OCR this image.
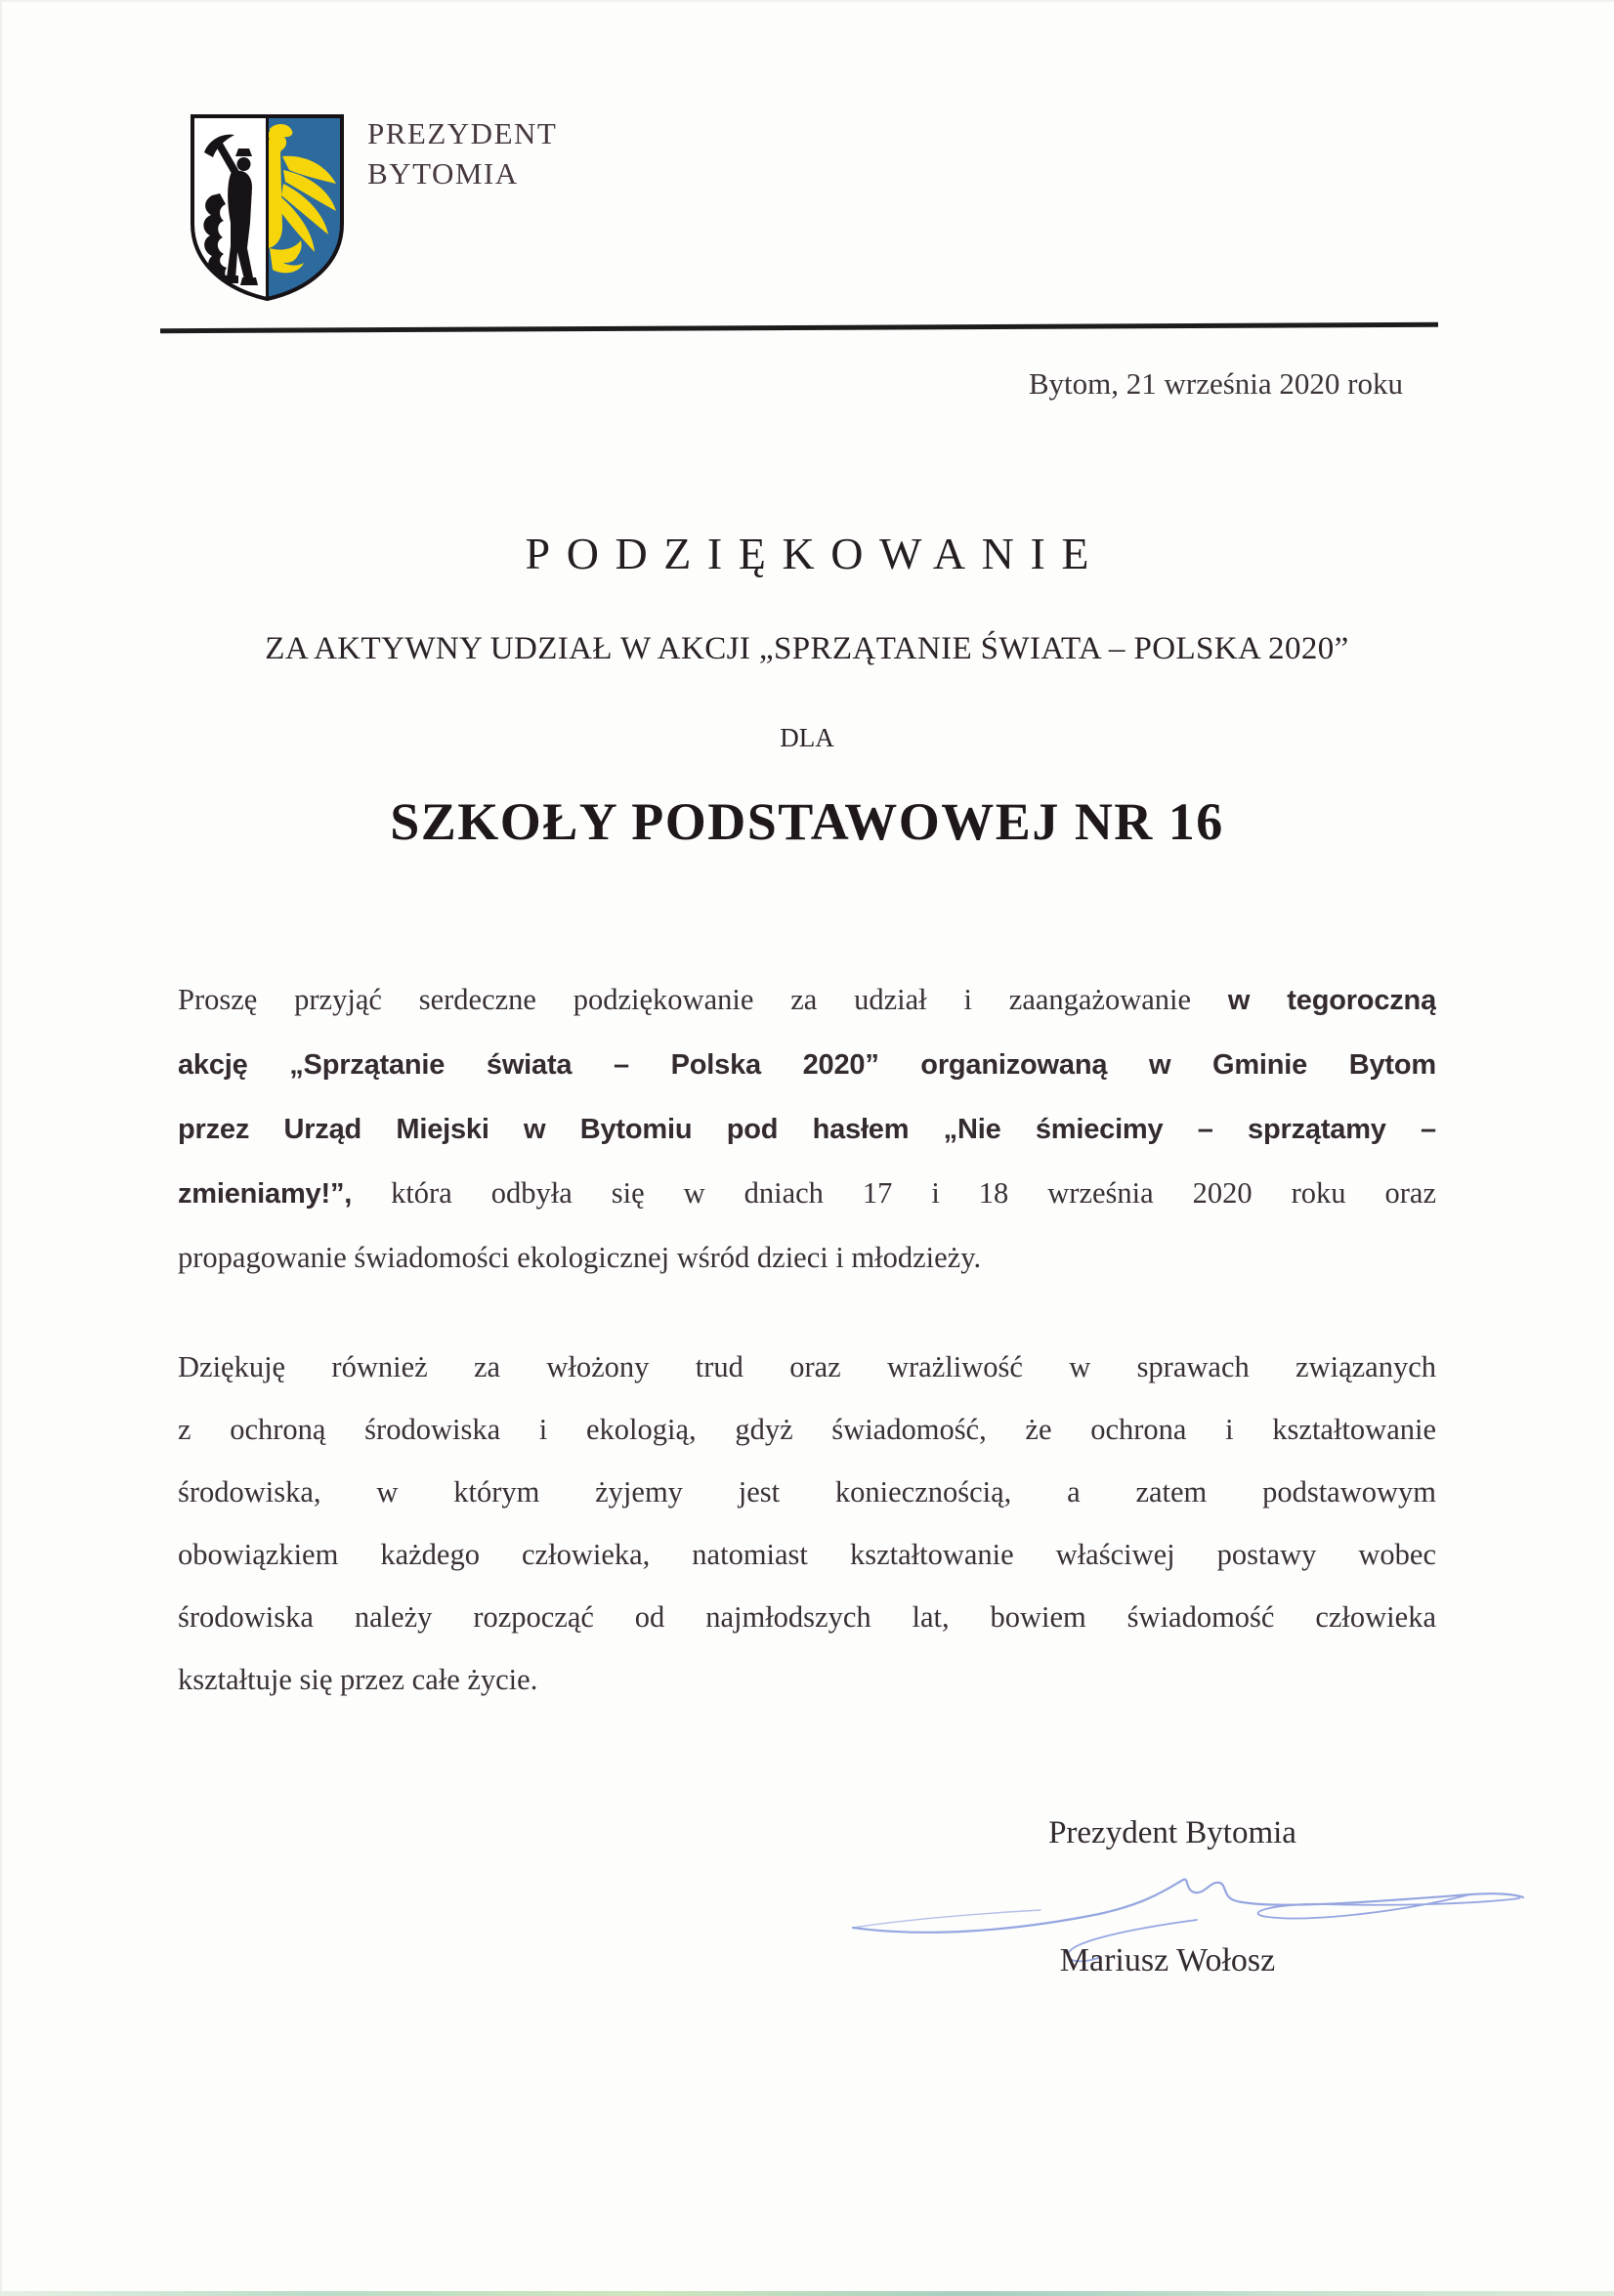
PREZYDENT
BYTOMIA
Bytom, 21 września 2020 roku
PODZIĘKOWANIE
ZA AKTYWNY UDZIAŁ W AKCJI „SPRZĄTANIE ŚWIATA – POLSKA 2020”
DLA
SZKOŁY PODSTAWOWEJ NR 16
Proszę przyjąć serdeczne podziękowanie za udział i zaangażowanie w tegoroczną
akcję „Sprzątanie świata – Polska 2020” organizowaną w Gminie Bytom
przez Urząd Miejski w Bytomiu pod hasłem „Nie śmiecimy – sprzątamy –
zmieniamy!”, która odbyła się w dniach 17 i 18 września 2020 roku oraz
propagowanie świadomości ekologicznej wśród dzieci i młodzieży.
Dziękuję również za włożony trud oraz wrażliwość w sprawach związanych
z ochroną środowiska i ekologią, gdyż świadomość, że ochrona i kształtowanie
środowiska, w którym żyjemy jest koniecznością, a zatem podstawowym
obowiązkiem każdego człowieka, natomiast kształtowanie właściwej postawy wobec
środowiska należy rozpocząć od najmłodszych lat, bowiem świadomość człowieka
kształtuje się przez całe życie.
Prezydent Bytomia
Mariusz Wołosz
